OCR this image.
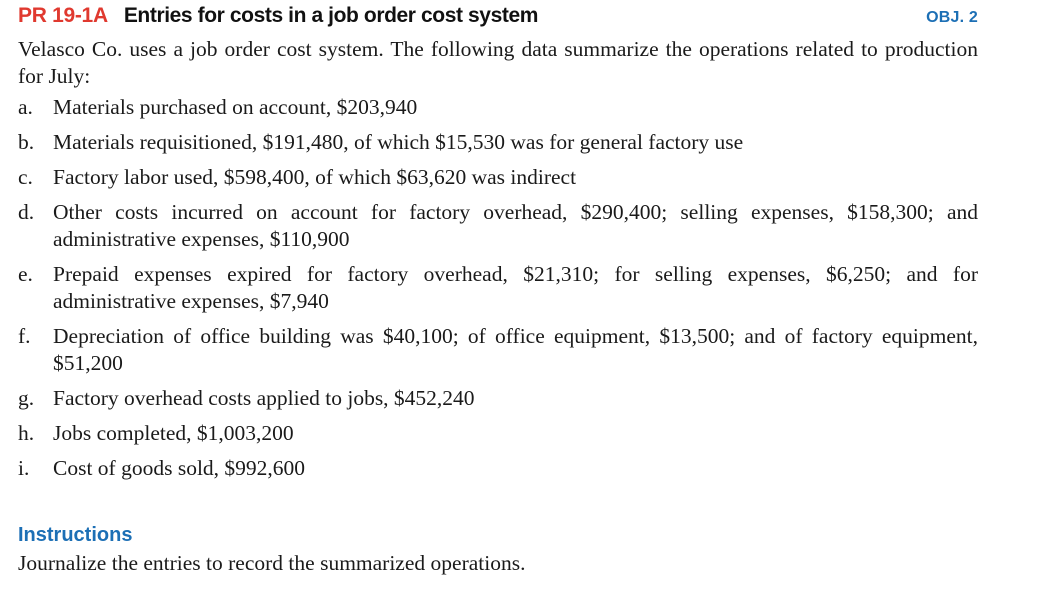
PR 19-1A Entries for costs in a job order cost system	OBJ. 2

Velasco Co. uses a job order cost system. The following data summarize the operations related to production for July:

a. Materials purchased on account, $203,940
b. Materials requisitioned, $191,480, of which $15,530 was for general factory use
c. Factory labor used, $598,400, of which $63,620 was indirect
d. Other costs incurred on account for factory overhead, $290,400; selling expenses, $158,300; and administrative expenses, $110,900
e. Prepaid expenses expired for factory overhead, $21,310; for selling expenses, $6,250; and for administrative expenses, $7,940
f.	Depreciation of office building was $40,100; of office equipment, $13,500; and of factory equipment, $51,200
g. Factory overhead costs applied to jobs, $452,240
h. Jobs completed, $1,003,200
i.	Cost of goods sold, $992,600
Instructions
Journalize the entries to record the summarized operations.
